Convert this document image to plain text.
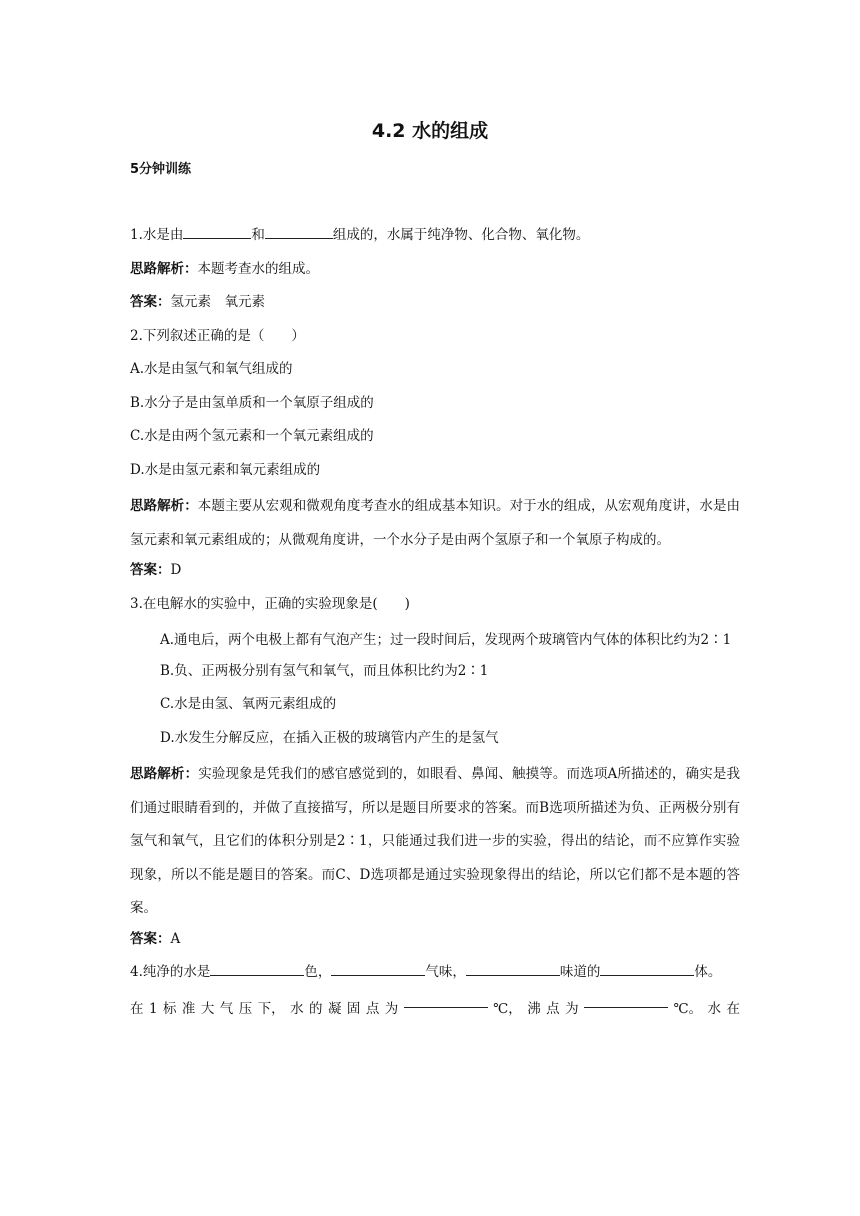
4.2 水的组成
5分钟训练
1.水是由	和	组成的，水属于纯净物、化合物、氧化物。
思路解析：本题考查水的组成。
答案：氢元素　氧元素
2.下列叙述正确的是（　　）
A.水是由氢气和氧气组成的
B.水分子是由氢单质和一个氧原子组成的
C.水是由两个氢元素和一个氧元素组成的
D.水是由氢元素和氧元素组成的
思路解析：本题主要从宏观和微观角度考查水的组成基本知识。对于水的组成，从宏观角度讲，水是由氢元素和氧元素组成的；从微观角度讲，一个水分子是由两个氢原子和一个氧原子构成的。
答案：D
3.在电解水的实验中，正确的实验现象是(　　)
A.通电后，两个电极上都有气泡产生；过一段时间后，发现两个玻璃管内气体的体积比约为2∶1
B.负、正两极分别有氢气和氧气，而且体积比约为2∶1
C.水是由氢、氧两元素组成的
D.水发生分解反应，在插入正极的玻璃管内产生的是氢气
思路解析：实验现象是凭我们的感官感觉到的，如眼看、鼻闻、触摸等。而选项A所描述的，确实是我们通过眼睛看到的，并做了直接描写，所以是题目所要求的答案。而B选项所描述为负、正两极分别有氢气和氧气，且它们的体积分别是2∶1，只能通过我们进一步的实验，得出的结论，而不应算作实验现象，所以不能是题目的答案。而C、D选项都是通过实验现象得出的结论，所以它们都不是本题的答案。
答案：A
4.纯净的水是	色，	气味，	味道的	体。
在 1 标 准 大 气 压 下， 水 的 凝 固 点 为	℃， 沸 点 为	℃。 水 在
